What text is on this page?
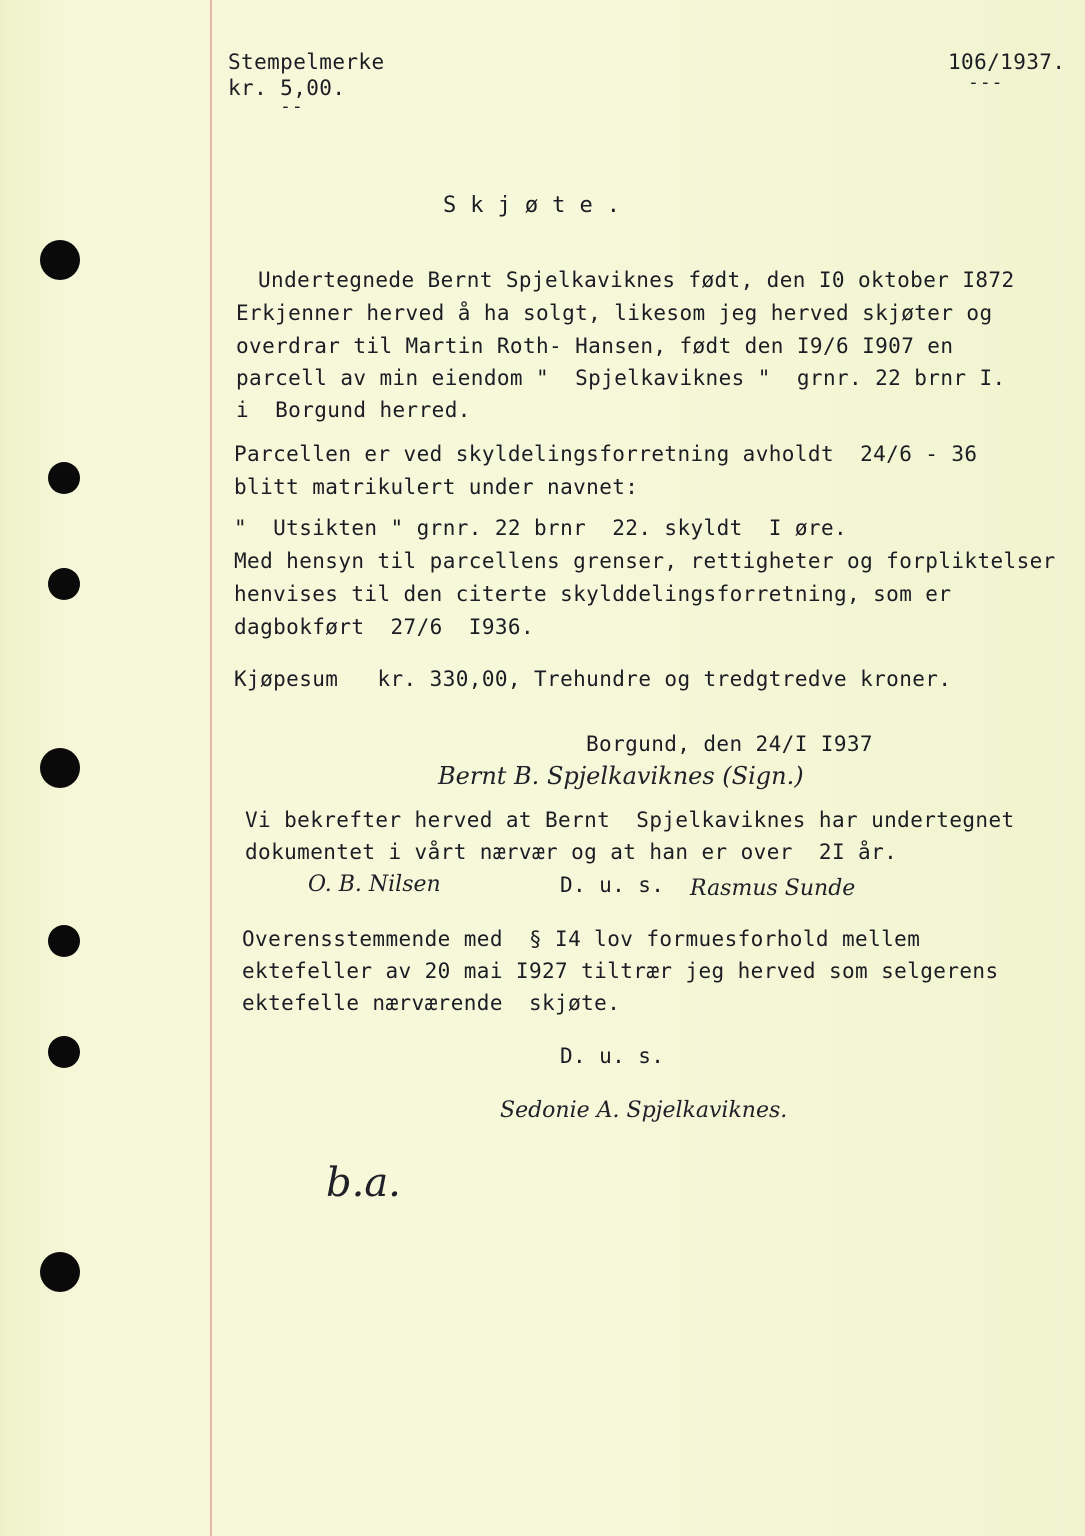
Stempelmerke
kr. 5,00.
--
106/1937.
---
S k j ø t e .
Undertegnede Bernt Spjelkaviknes født, den I0 oktober I872
Erkjenner herved å ha solgt, likesom jeg herved skjøter og
overdrar til Martin Roth- Hansen, født den I9/6 I907 en
parcell av min eiendom "  Spjelkaviknes "  grnr. 22 brnr I.
i  Borgund herred.
Parcellen er ved skyldelingsforretning avholdt  24/6 - 36
blitt matrikulert under navnet:
"  Utsikten " grnr. 22 brnr  22. skyldt  I øre.
Med hensyn til parcellens grenser, rettigheter og forpliktelser
henvises til den citerte skylddelingsforretning, som er
dagbokført  27/6  I936.
Kjøpesum   kr. 330,00, Trehundre og tredgtredve kroner.
Borgund, den 24/I I937
Bernt B. Spjelkaviknes (Sign.)
Vi bekrefter herved at Bernt  Spjelkaviknes har undertegnet
dokumentet i vårt nærvær og at han er over  2I år.
O. B. Nilsen	D. u. s. Rasmus Sunde
Overensstemmende med  § I4 lov formuesforhold mellem
ektefeller av 20 mai I927 tiltrær jeg herved som selgerens
ektefelle nærværende  skjøte.
D. u. s.
Sedonie A. Spjelkaviknes.
b.a.
